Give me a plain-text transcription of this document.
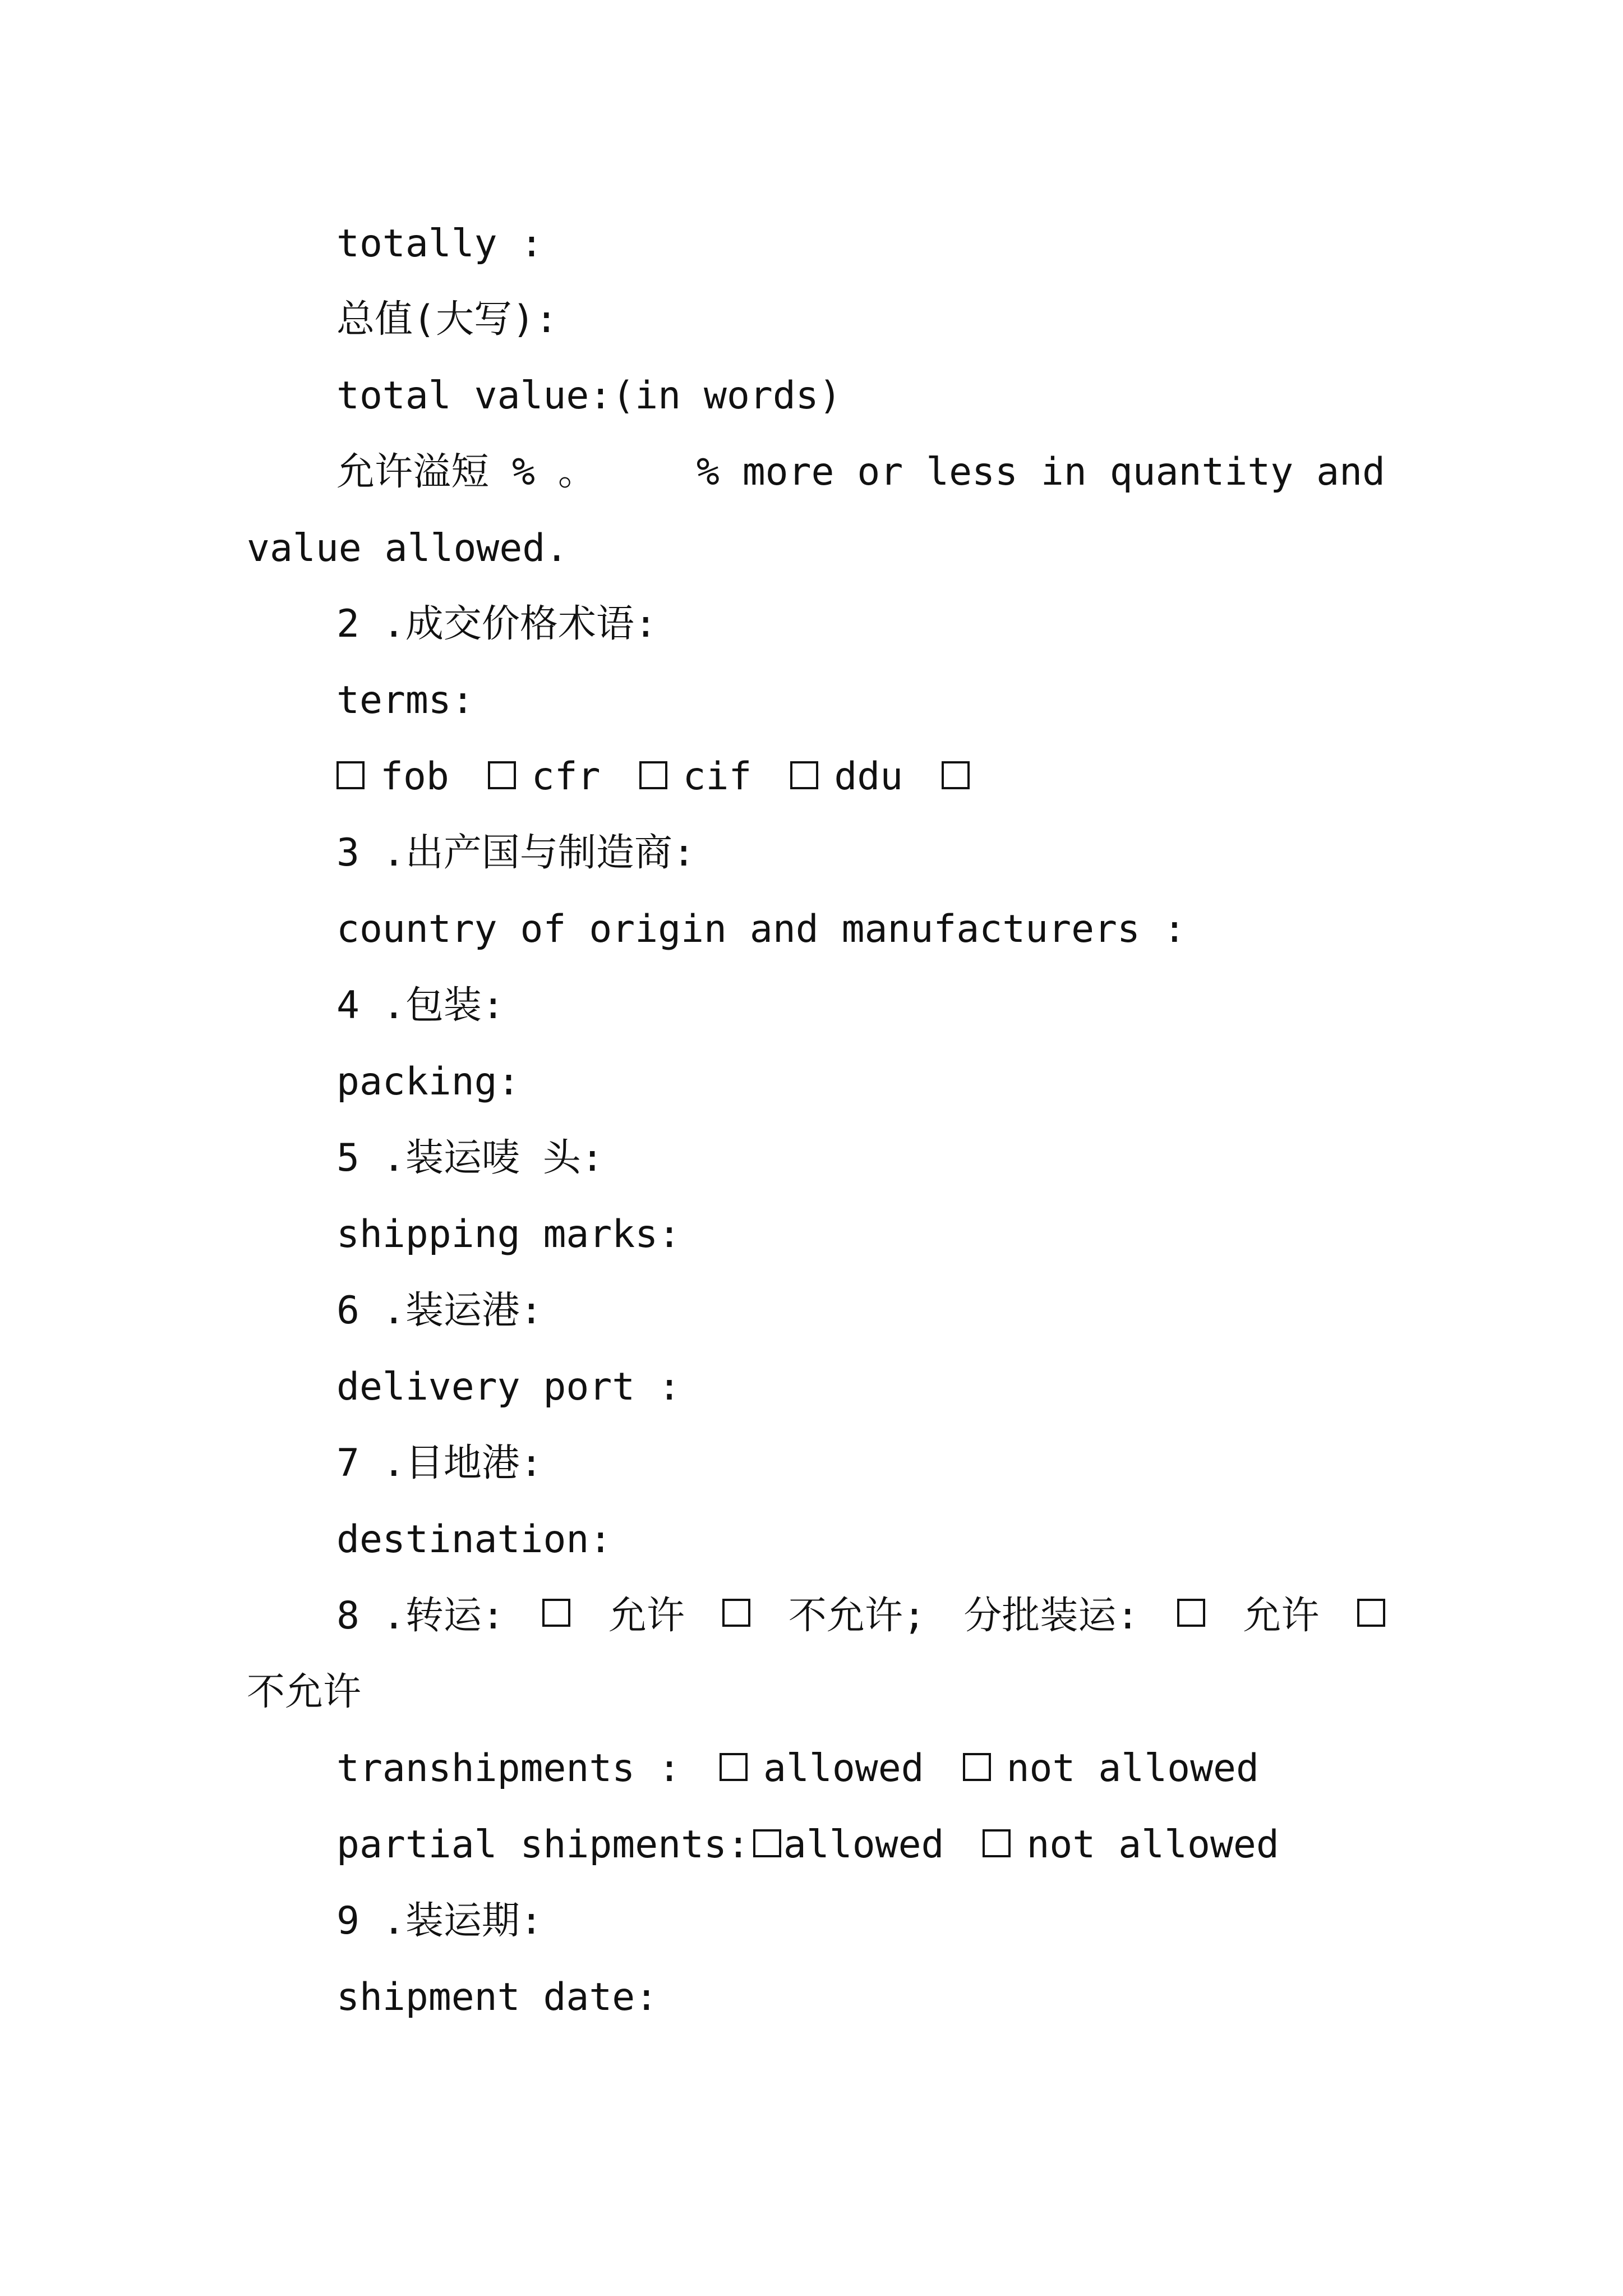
totally :
总值(大写):
total value:(in words)
允许溢短 % 。	% more or less in quantity and
value allowed.
2 .成交价格术语:
terms:
fob cfr cif ddu
3 .出产国与制造商:
country of origin and manufacturers :
4 .包装:
packing:
5 .装运唛 头:
shipping marks:
6 .装运港:
delivery port :
7 .目地港:
destination:
8 .转运:	允许	不允许; 分批装运:	允许
不允许
transhipments : allowed not allowed
partial shipments: allowed not allowed
9 .装运期:
shipment date:
